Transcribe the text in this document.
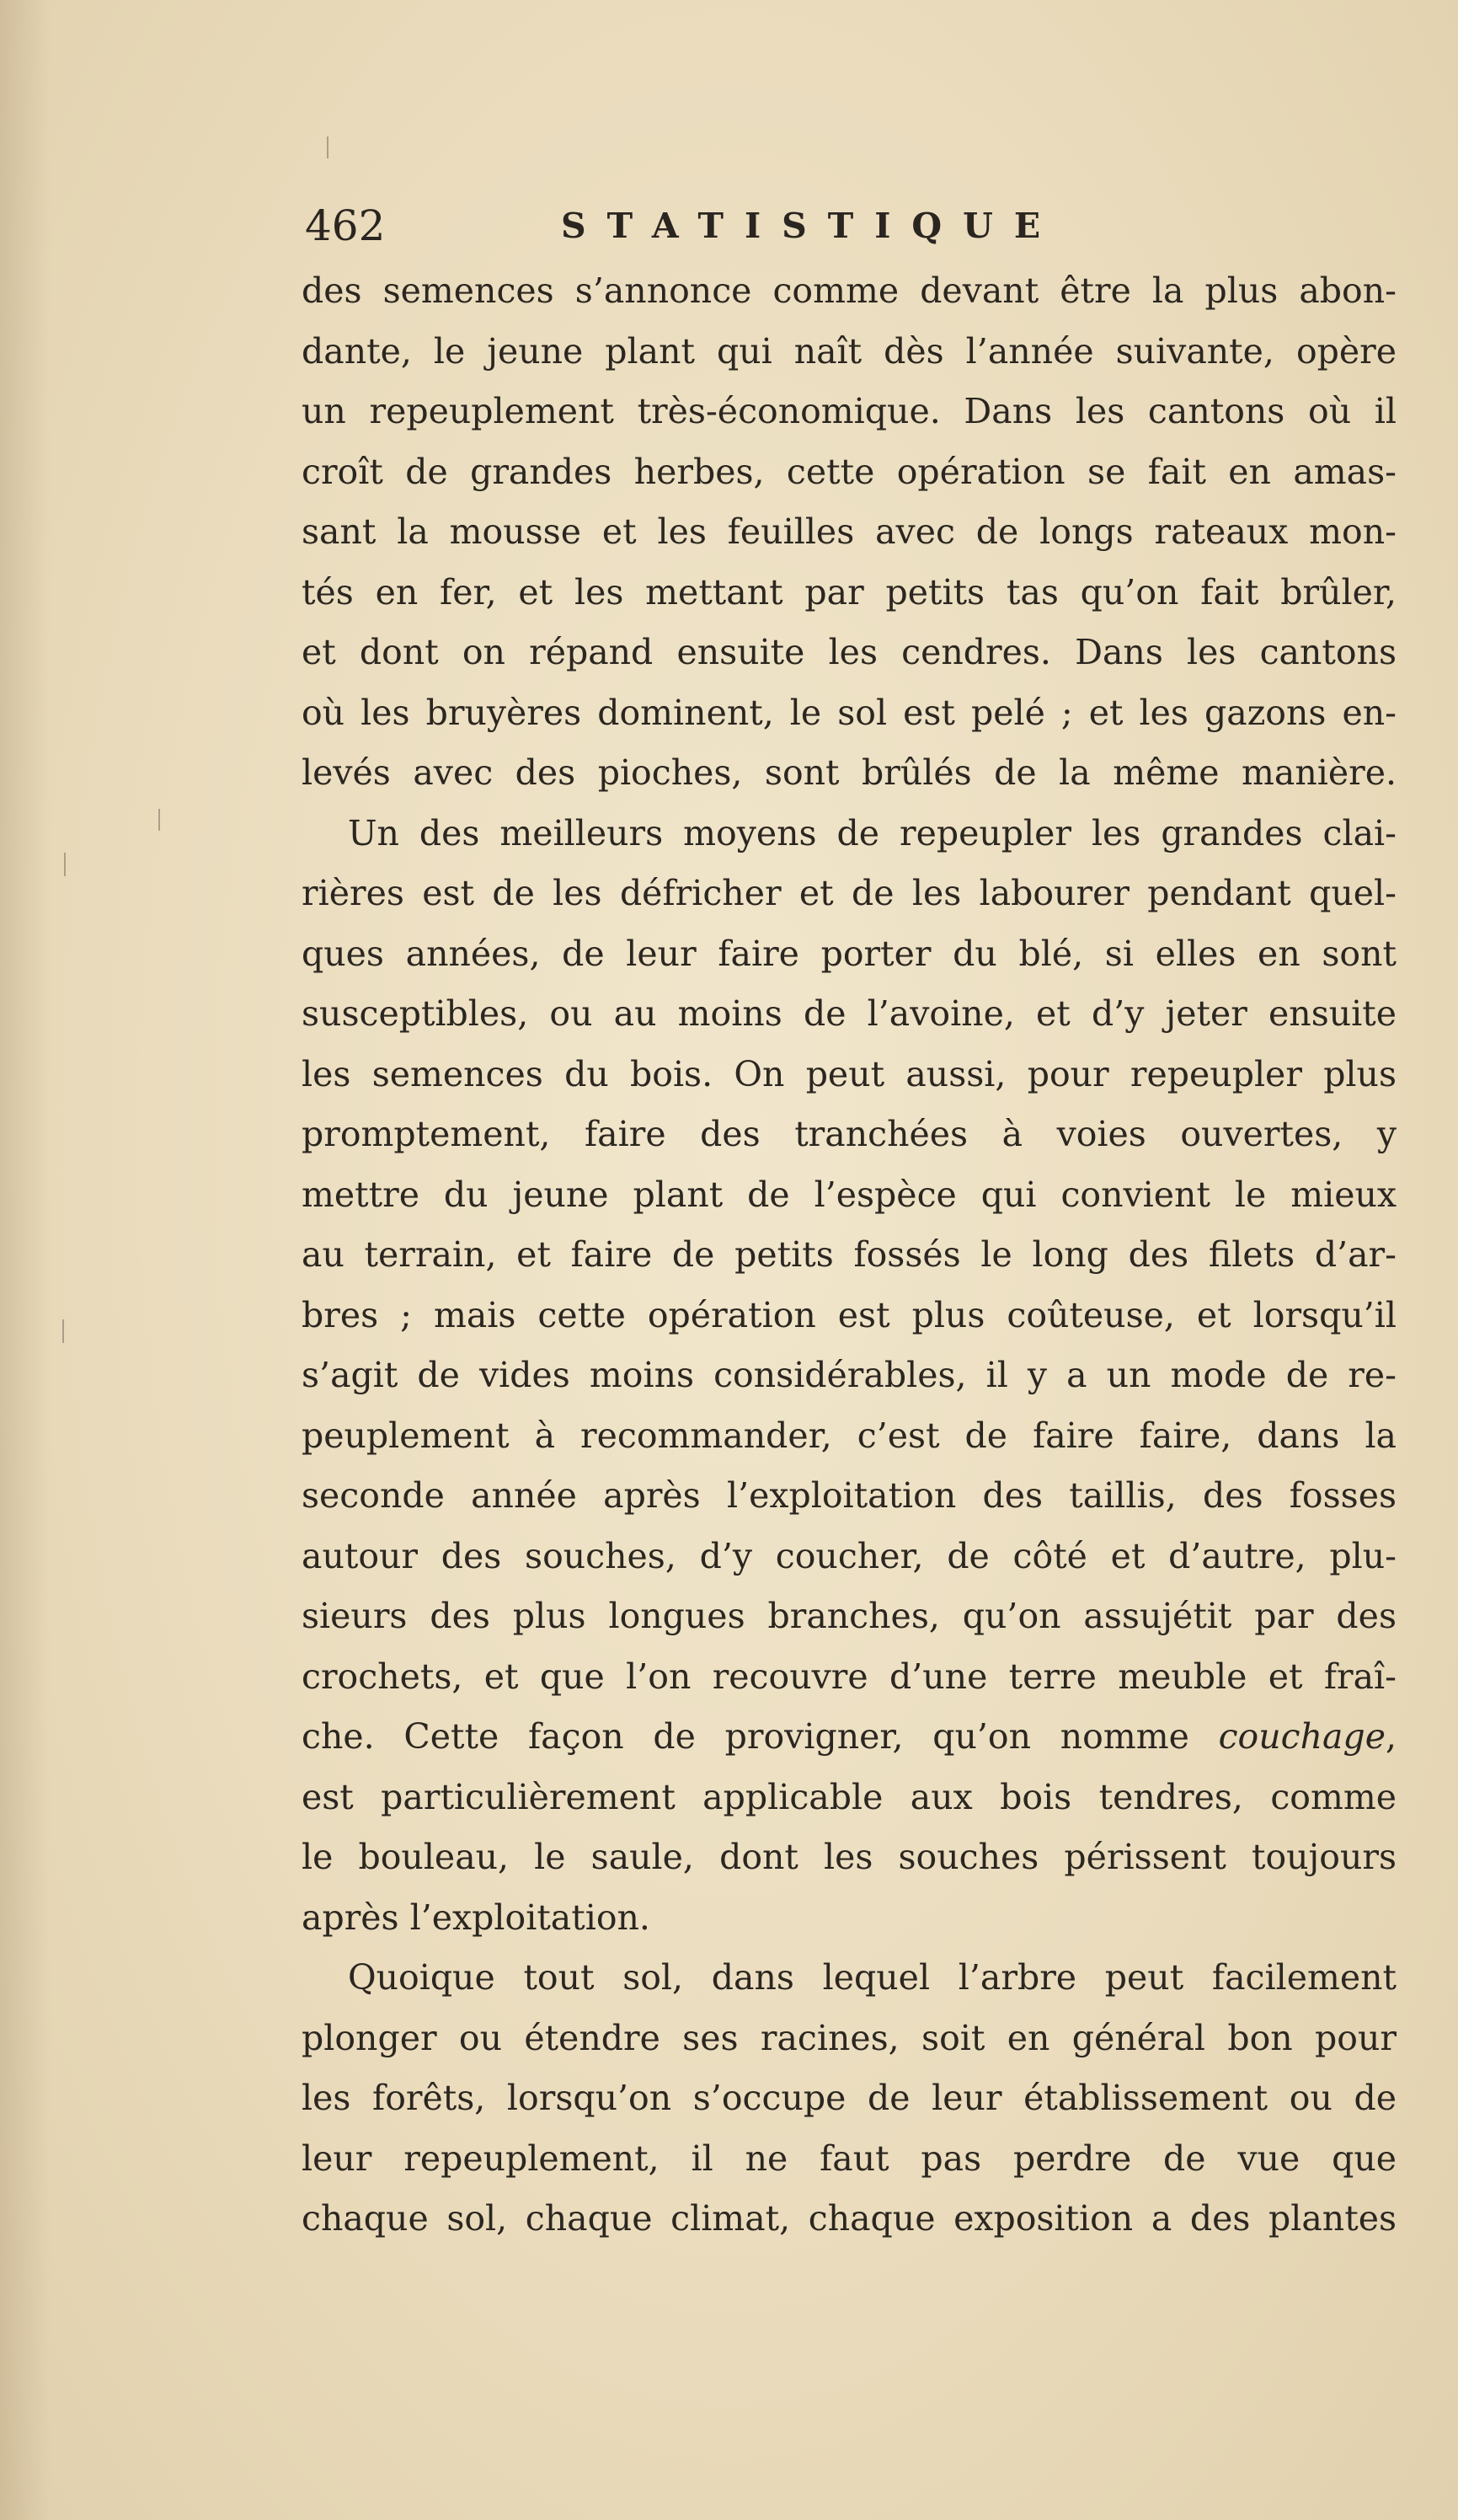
462	STATISTIQUE

des semences s’annonce comme devant être la plus abon-

dante, le jeune plant qui naît dès l’année suivante, opère

un repeuplement très-économique. Dans les cantons où il

croît de grandes herbes, cette opération se fait en amas-

sant la mousse et les feuilles avec de longs rateaux mon-

tés en fer, et les mettant par petits tas qu’on fait brûler,

et dont on répand ensuite les cendres. Dans les cantons

où les bruyères dominent, le sol est pelé ; et les gazons en-

levés avec des pioches, sont brûlés de la même manière.

Un des meilleurs moyens de repeupler les grandes clai-

rières est de les défricher et de les labourer pendant quel-

ques années, de leur faire porter du blé, si elles en sont

susceptibles, ou au moins de l’avoine, et d’y jeter ensuite

les semences du bois. On peut aussi, pour repeupler plus

promptement, faire des tranchées à voies ouvertes, y

mettre du jeune plant de l’espèce qui convient le mieux

au terrain, et faire de petits fossés le long des filets d’ar-

bres ; mais cette opération est plus coûteuse, et lorsqu’il

s’agit de vides moins considérables, il y a un mode de re-

peuplement à recommander, c’est de faire faire, dans la

seconde année après l’exploitation des taillis, des fosses

autour des souches, d’y coucher, de côté et d’autre, plu-

sieurs des plus longues branches, qu’on assujétit par des

crochets, et que l’on recouvre d’une terre meuble et fraî-

che. Cette façon de provigner, qu’on nomme couchage,

est particulièrement applicable aux bois tendres, comme

le bouleau, le saule, dont les souches périssent toujours

après l’exploitation.

Quoique tout sol, dans lequel l’arbre peut facilement

plonger ou étendre ses racines, soit en général bon pour

les forêts, lorsqu’on s’occupe de leur établissement ou de

leur repeuplement, il ne faut pas perdre de vue que

chaque sol, chaque climat, chaque exposition a des plantes
